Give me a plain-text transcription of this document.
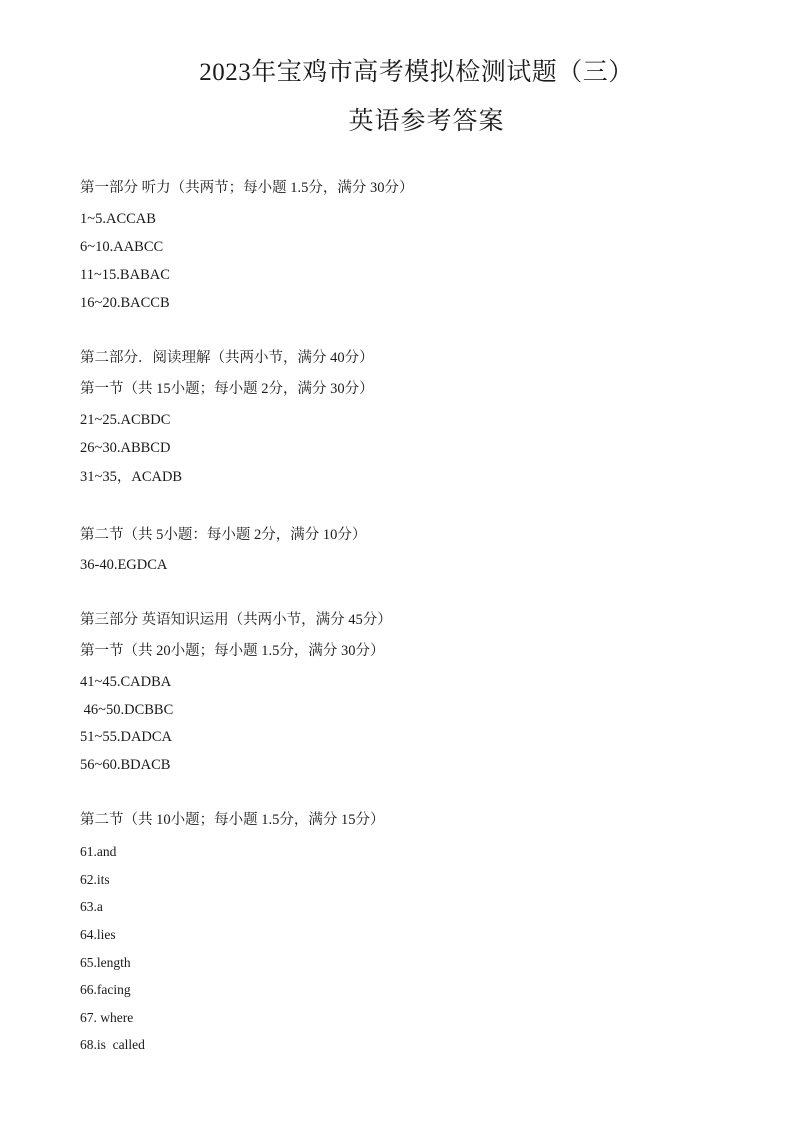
2023年宝鸡市高考模拟检测试题（三）
英语参考答案
第一部分 听力（共两节；每小题 1.5分，满分 30分）
1~5.ACCAB
6~10.AABCC
11~15.BABAC
16~20.BACCB
第二部分．阅读理解（共两小节，满分 40分）
第一节（共 15小题；每小题 2分，满分 30分）
21~25.ACBDC
26~30.ABBCD
31~35，ACADB
第二节（共 5小题：每小题 2分，满分 10分）
36-40.EGDCA
第三部分 英语知识运用（共两小节，满分 45分）
第一节（共 20小题；每小题 1.5分，满分 30分）
41~45.CADBA
46~50.DCBBC
51~55.DADCA
56~60.BDACB
第二节（共 10小题；每小题 1.5分，满分 15分）
61.and
62.its
63.a
64.lies
65.length
66.facing
67. where
68.is  called
